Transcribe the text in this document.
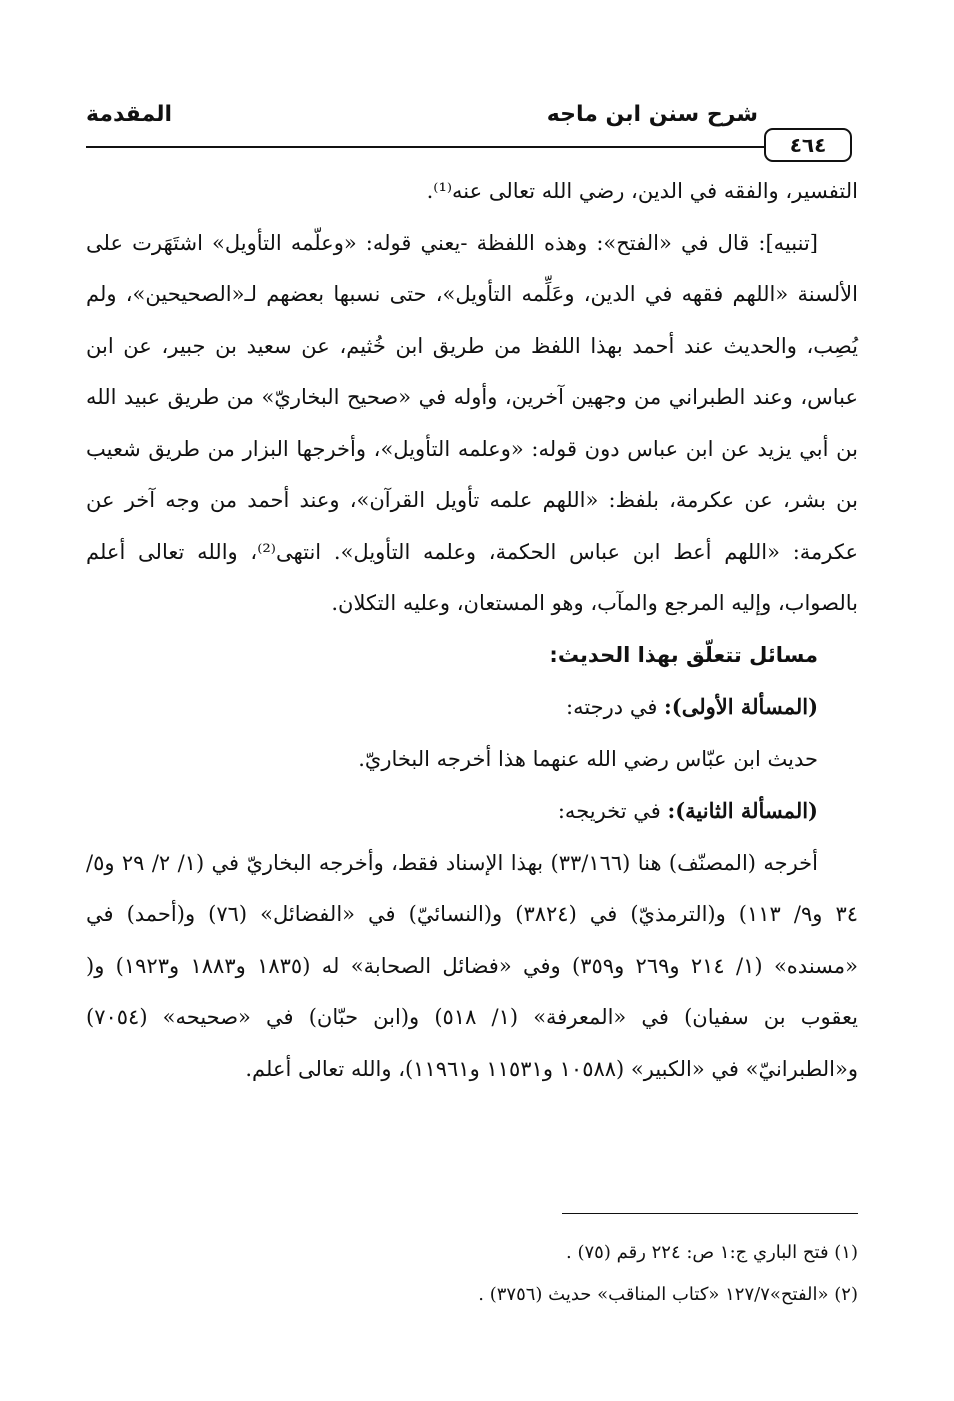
٤٦٤
شرح سنن ابن ماجه
المقدمة

التفسير، والفقه في الدين، رضي الله تعالى عنه⁽¹⁾.

[تنبيه]: قال في «الفتح»: وهذه اللفظة -يعني قوله: «وعلّمه التأويل» اشتَهَرت على الألسنة «اللهم فقهه في الدين، وعَلِّمه التأويل»، حتى نسبها بعضهم لـ«الصحيحين»، ولم يُصِب، والحديث عند أحمد بهذا اللفظ من طريق ابن خُثيم، عن سعيد بن جبير، عن ابن عباس، وعند الطبراني من وجهين آخرين، وأوله في «صحيح البخاريّ» من طريق عبيد الله بن أبي يزيد عن ابن عباس دون قوله: «وعلمه التأويل»، وأخرجها البزار من طريق شعيب بن بشر، عن عكرمة، بلفظ: «اللهم علمه تأويل القرآن»، وعند أحمد من وجه آخر عن عكرمة: «اللهم أعط ابن عباس الحكمة، وعلمه التأويل». انتهى⁽²⁾، والله تعالى أعلم بالصواب، وإليه المرجع والمآب، وهو المستعان، وعليه التكلان.

مسائل تتعلّق بهذا الحديث:

(المسألة الأولى): في درجته:

حديث ابن عبّاس رضي الله عنهما هذا أخرجه البخاريّ.

(المسألة الثانية): في تخريجه:

أخرجه (المصنّف) هنا (٣٣/١٦٦) بهذا الإسناد فقط، وأخرجه البخاريّ في (١/ ٢/ ٢٩ و٥/ ٣٤ و٩/ ١١٣) و(الترمذيّ) في (٣٨٢٤) و(النسائيّ) في «الفضائل» (٧٦) و(أحمد) في «مسنده» (١/ ٢١٤ و٢٦٩ و٣٥٩) وفي «فضائل الصحابة» له (١٨٣٥ و١٨٨٣ و١٩٢٣) و( يعقوب بن سفيان) في «المعرفة» (١/ ٥١٨) و(ابن حبّان) في «صحيحه» (٧٠٥٤) و«الطبرانيّ» في «الكبير» (١٠٥٨٨ و١١٥٣١ و١١٩٦١)، والله تعالى أعلم.

(١) فتح الباري ج:١ ص: ٢٢٤ رقم (٧٥) .

(٢) «الفتح»١٢٧/٧ «كتاب المناقب» حديث (٣٧٥٦) .
